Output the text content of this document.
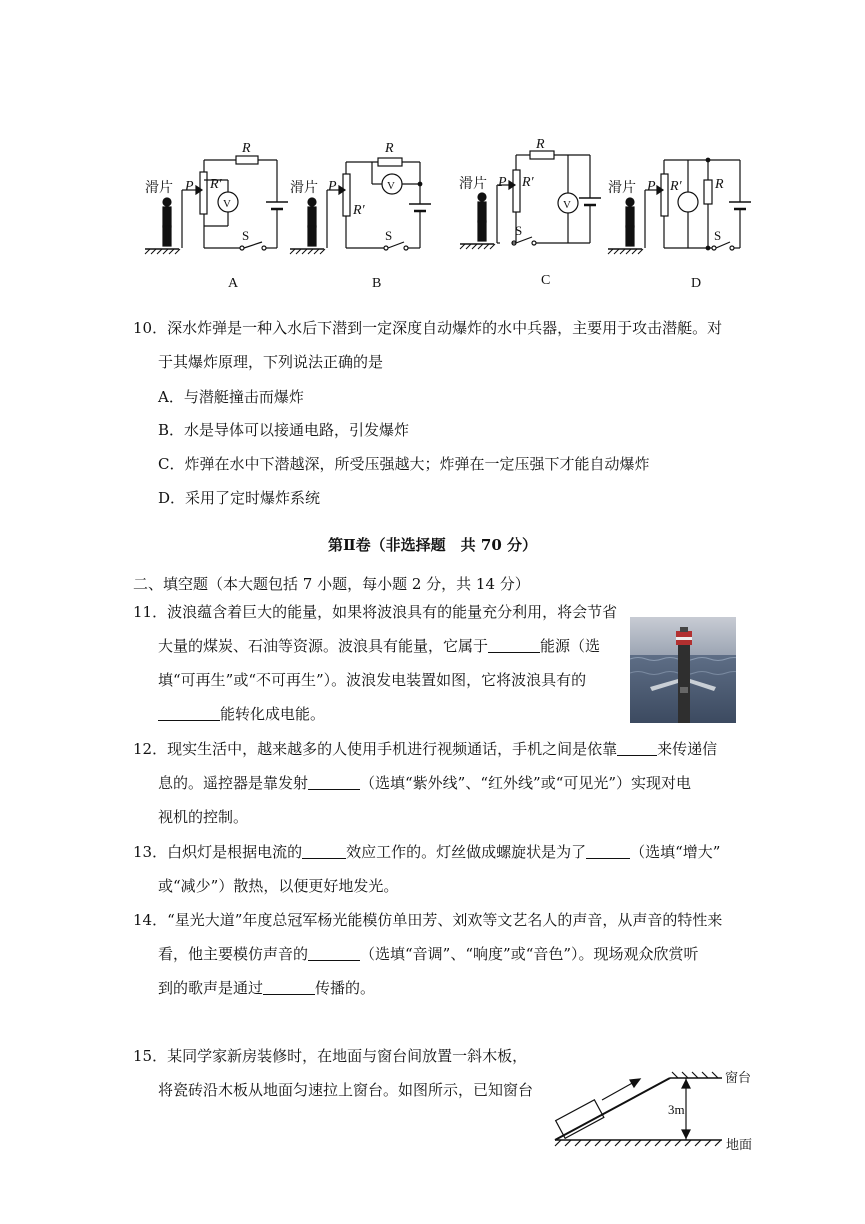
滑片 P
R
R′
V
S
A
滑片 P
R
R′
V
S
B
滑片 P
R
R′
V
S
C
滑片 P	R
R′
S
D
10．深水炸弹是一种入水后下潜到一定深度自动爆炸的水中兵器，主要用于攻击潜艇。对
于其爆炸原理，下列说法正确的是
A．与潜艇撞击而爆炸
B．水是导体可以接通电路，引发爆炸
C．炸弹在水中下潜越深，所受压强越大；炸弹在一定压强下才能自动爆炸
D．采用了定时爆炸系统
第Ⅱ卷（非选择题　共 70 分）
二、填空题（本大题包括 7 小题，每小题 2 分，共 14 分）
11．波浪蕴含着巨大的能量，如果将波浪具有的能量充分利用，将会节省
大量的煤炭、石油等资源。波浪具有能量，它属于	能源（选
填“可再生”或“不可再生”）。波浪发电装置如图，它将波浪具有的
能转化成电能。
12．现实生活中，越来越多的人使用手机进行视频通话，手机之间是依靠	来传递信
息的。遥控器是靠发射	（选填“紫外线”、“红外线”或“可见光”）实现对电
视机的控制。
13．白炽灯是根据电流的	效应工作的。灯丝做成螺旋状是为了	（选填“增大”
或“减少”）散热，以便更好地发光。
14．“星光大道”年度总冠军杨光能模仿单田芳、刘欢等文艺名人的声音，从声音的特性来
看，他主要模仿声音的	（选填“音调”、“响度”或“音色”）。现场观众欣赏听
到的歌声是通过	传播的。
15．某同学家新房装修时，在地面与窗台间放置一斜木板，
将瓷砖沿木板从地面匀速拉上窗台。如图所示，已知窗台
窗台
3m
地面
